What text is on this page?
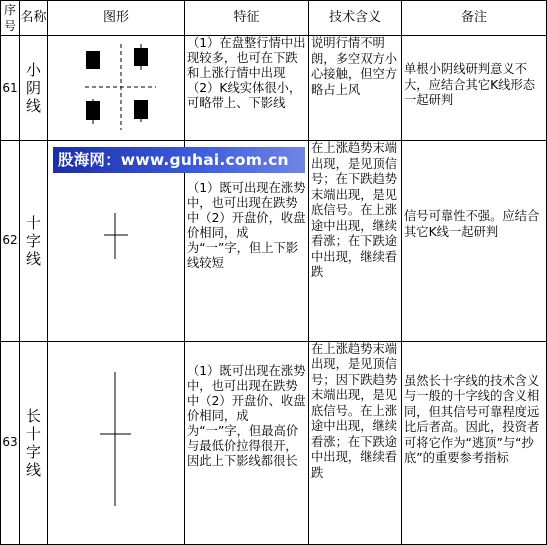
序号	名称	图形	特征	技术含义	备注
61	小阴线		（1）在盘整行情中出现较多，也可在下跌和上涨行情中出现（2）K线实体很小，可略带上、下影线	说明行情不明朗，多空双方小心接触，但空方略占上风	单根小阴线研判意义不大，应结合其它K线形态一起研判
62	十字线		（1）既可出现在涨势中，也可出现在跌势中（2）开盘价，收盘价相同，成为“一”字，但上下影线较短	在上涨趋势末端出现，是见顶信号；在下跌趋势末端出现，是见底信号。在上涨途中出现，继续看涨；在下跌途中出现，继续看跌	信号可靠性不强。应结合其它K线一起研判
63	长十字线		（1）既可出现在涨势中，也可出现在跌势中（2）开盘价、收盘价相同，成为“一”字，但最高价与最低价拉得很开，因此上下影线都很长	在上涨趋势末端出现，是见顶信号；因下跌趋势末端出现，是见底信号。在上涨途中出现，继续看涨；在下跌途中出现，继续看跌	虽然长十字线的技术含义与一般的十字线的含义相同，但其信号可靠程度远比后者高。因此，投资者可将它作为“逃顶”与“抄底”的重要参考指标
股海网：www.guhai.com.cn
